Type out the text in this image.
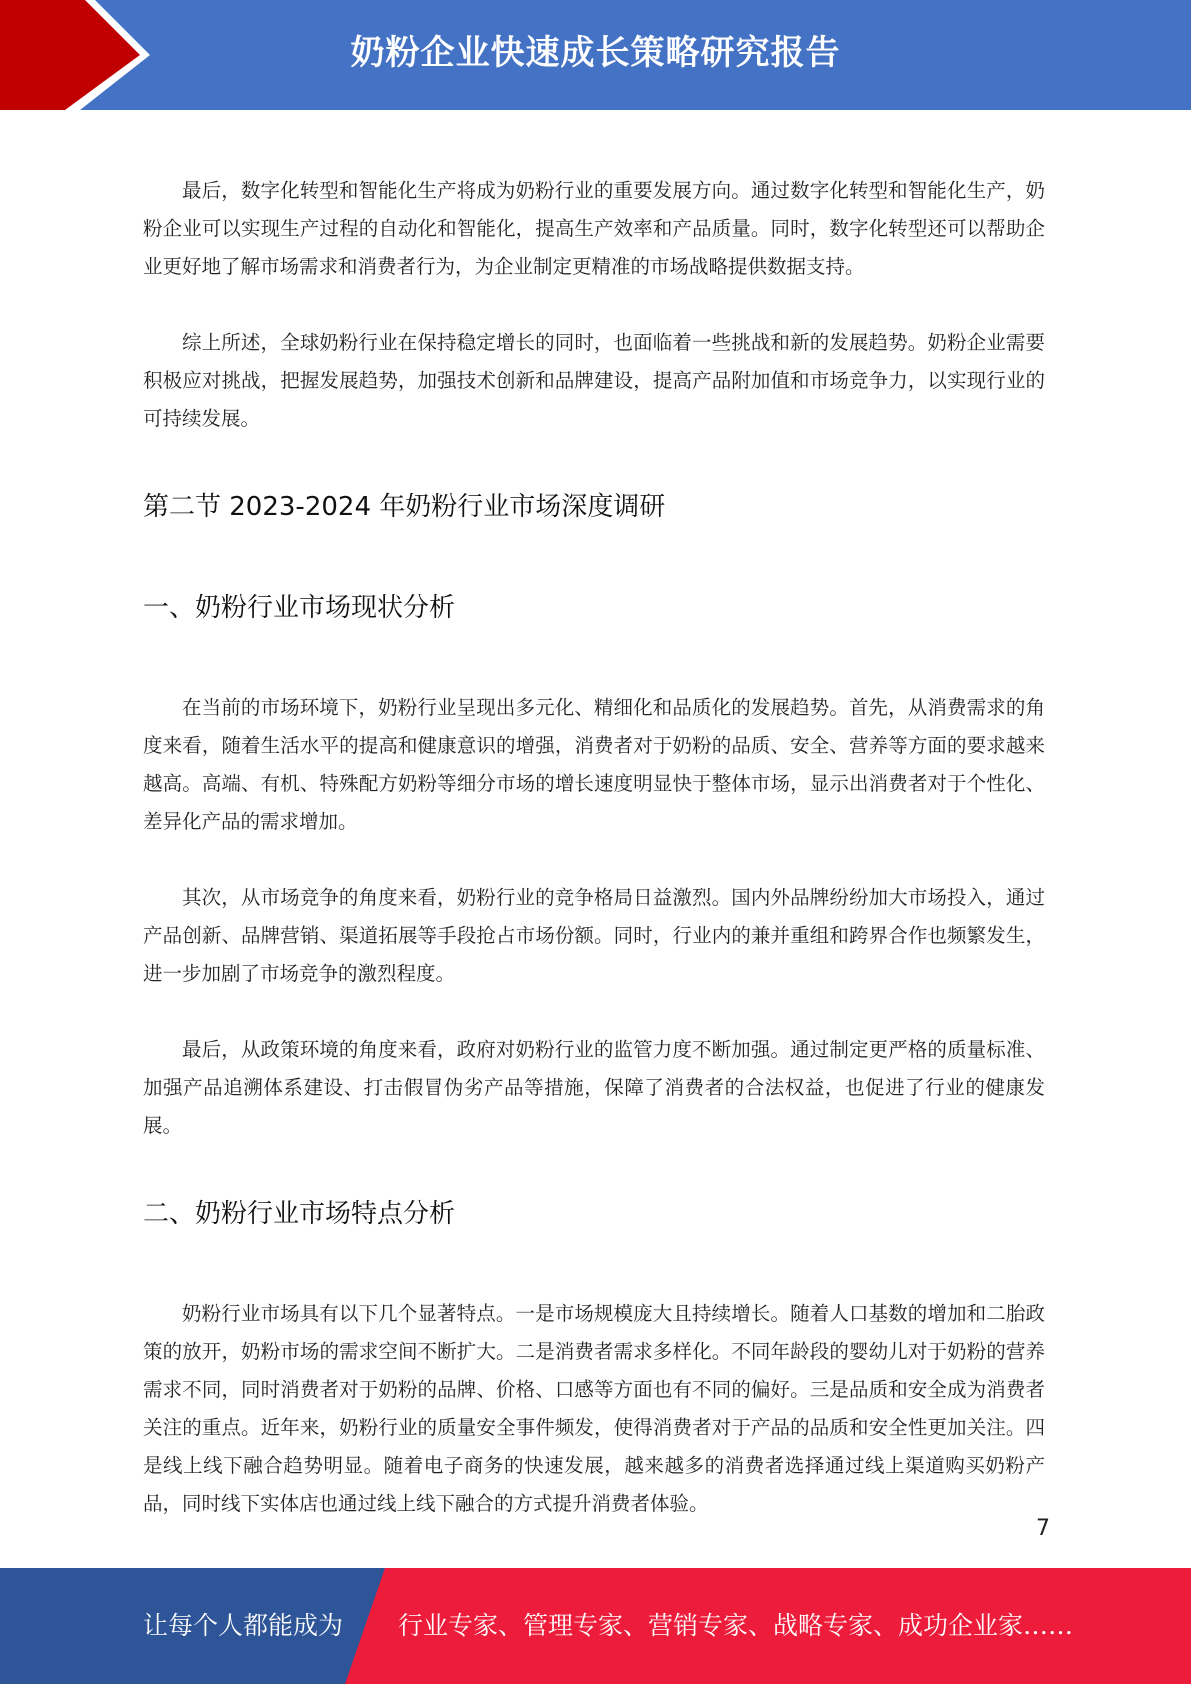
奶粉企业快速成长策略研究报告

最后，数字化转型和智能化生产将成为奶粉行业的重要发展方向。通过数字化转型和智能化生产，奶粉企业可以实现生产过程的自动化和智能化，提高生产效率和产品质量。同时，数字化转型还可以帮助企业更好地了解市场需求和消费者行为，为企业制定更精准的市场战略提供数据支持。

综上所述，全球奶粉行业在保持稳定增长的同时，也面临着一些挑战和新的发展趋势。奶粉企业需要积极应对挑战，把握发展趋势，加强技术创新和品牌建设，提高产品附加值和市场竞争力，以实现行业的可持续发展。

第二节 2023-2024 年奶粉行业市场深度调研
一、奶粉行业市场现状分析

在当前的市场环境下，奶粉行业呈现出多元化、精细化和品质化的发展趋势。首先，从消费需求的角度来看，随着生活水平的提高和健康意识的增强，消费者对于奶粉的品质、安全、营养等方面的要求越来越高。高端、有机、特殊配方奶粉等细分市场的增长速度明显快于整体市场，显示出消费者对于个性化、差异化产品的需求增加。

其次，从市场竞争的角度来看，奶粉行业的竞争格局日益激烈。国内外品牌纷纷加大市场投入，通过产品创新、品牌营销、渠道拓展等手段抢占市场份额。同时，行业内的兼并重组和跨界合作也频繁发生，进一步加剧了市场竞争的激烈程度。

最后，从政策环境的角度来看，政府对奶粉行业的监管力度不断加强。通过制定更严格的质量标准、加强产品追溯体系建设、打击假冒伪劣产品等措施，保障了消费者的合法权益，也促进了行业的健康发展。

二、奶粉行业市场特点分析

奶粉行业市场具有以下几个显著特点。一是市场规模庞大且持续增长。随着人口基数的增加和二胎政策的放开，奶粉市场的需求空间不断扩大。二是消费者需求多样化。不同年龄段的婴幼儿对于奶粉的营养需求不同，同时消费者对于奶粉的品牌、价格、口感等方面也有不同的偏好。三是品质和安全成为消费者关注的重点。近年来，奶粉行业的质量安全事件频发，使得消费者对于产品的品质和安全性更加关注。四是线上线下融合趋势明显。随着电子商务的快速发展，越来越多的消费者选择通过线上渠道购买奶粉产品，同时线下实体店也通过线上线下融合的方式提升消费者体验。

7
让每个人都能成为 行业专家、管理专家、营销专家、战略专家、成功企业家……
